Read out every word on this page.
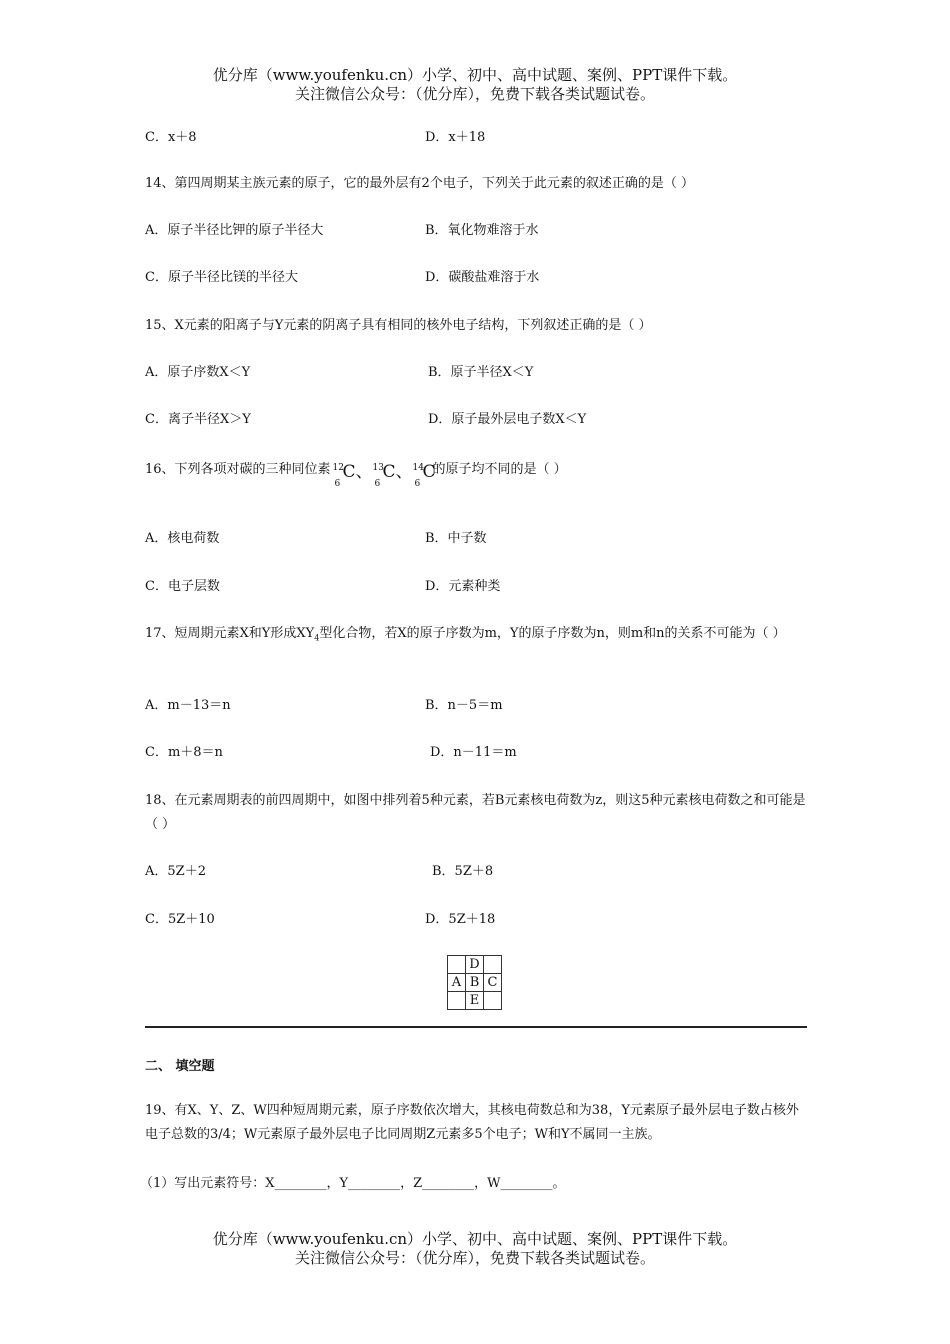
优分库（www.youfenku.cn）小学、初中、高中试题、案例、PPT课件下载。
关注微信公众号：（优分库），免费下载各类试题试卷。
C．x＋8	D．x＋18
14、第四周期某主族元素的原子，它的最外层有2个电子，下列关于此元素的叙述正确的是（ ）
A．原子半径比钾的原子半径大	B．氧化物难溶于水
C．原子半径比镁的半径大	D．碳酸盐难溶于水
15、X元素的阳离子与Y元素的阴离子具有相同的核外电子结构，下列叙述正确的是（ ）
A．原子序数X＜Y	B．原子半径X＜Y
C．离子半径X＞Y	D．原子最外层电子数X＜Y
16、下列各项对碳的三种同位素 12
6
C、 13
6
C、 14
6
C
的原子均不同的是（ ）
A．核电荷数	B．中子数
C．电子层数	D．元素种类
17、短周期元素X和Y形成$XY_4$型化合物，若X的原子序数为m，Y的原子序数为n，则m和n的关系不可能为（ ）
A．m－13＝n	B．n－5＝m
C．m＋8＝n	D．n－11＝m
18、在元素周期表的前四周期中，如图中排列着5种元素，若B元素核电荷数为z，则这5种元素核电荷数之和可能是（ ）
A．5Z＋2	B．5Z＋8
C．5Z＋10	D．5Z＋18
	D	
A	B	C
	E	
二、 填空题
19、有X、Y、Z、W四种短周期元素，原子序数依次增大，其核电荷数总和为38，Y元素原子最外层电子数占核外电子总数的3/4；W元素原子最外层电子比同周期Z元素多5个电子；W和Y不属同一主族。
（1）写出元素符号：X________，Y________，Z________，W________。
优分库（www.youfenku.cn）小学、初中、高中试题、案例、PPT课件下载。
关注微信公众号：（优分库），免费下载各类试题试卷。
